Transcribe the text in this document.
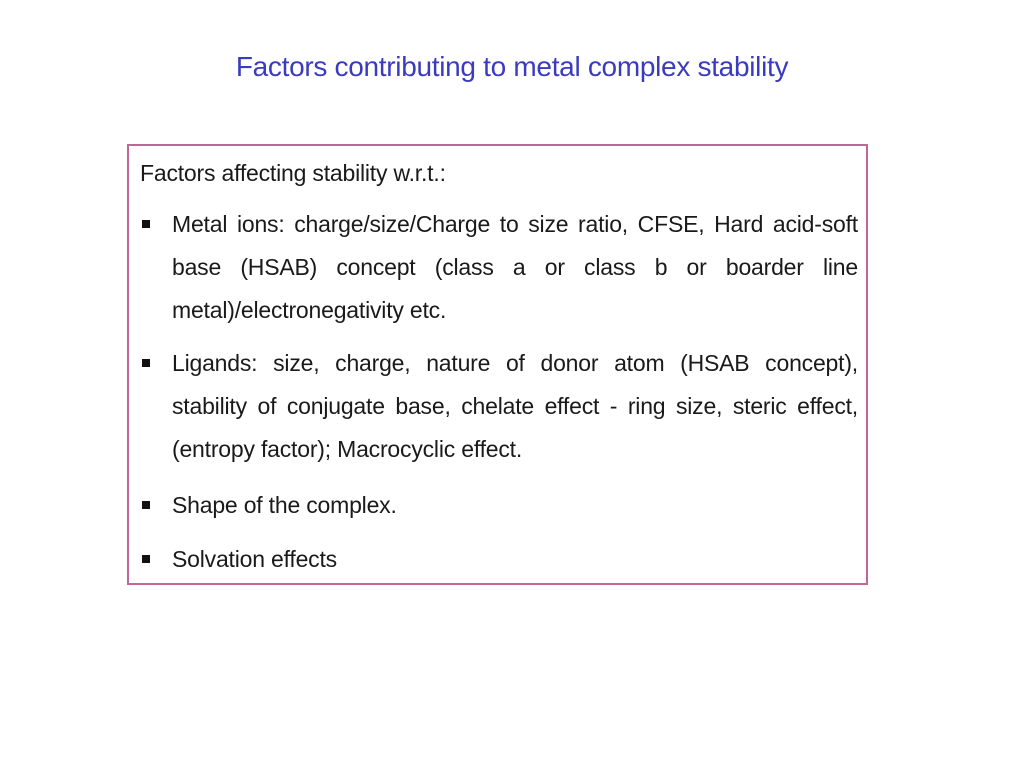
Factors contributing to metal complex stability
Factors affecting stability w.r.t.:
Metal ions: charge/size/Charge to size ratio, CFSE, Hard acid-soft base (HSAB) concept (class a or class b or boarder line metal)/electronegativity etc.
Ligands: size, charge, nature of donor atom (HSAB concept), stability of conjugate base, chelate effect - ring size, steric effect, (entropy factor); Macrocyclic effect.
Shape of the complex.
Solvation effects
